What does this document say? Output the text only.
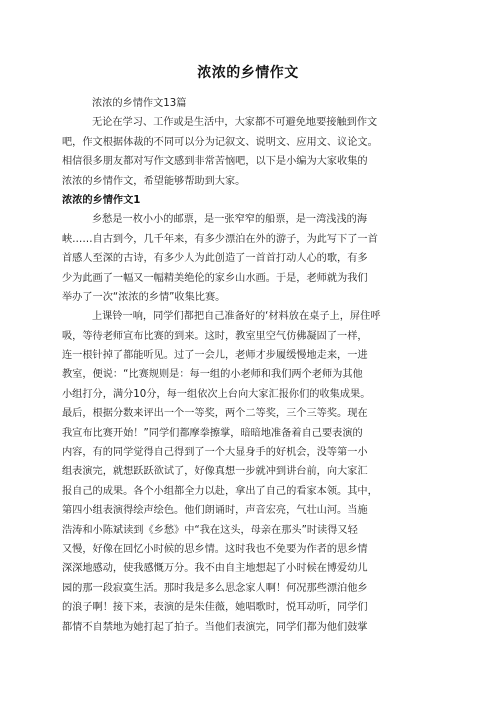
浓浓的乡情作文
浓浓的乡情作文13篇
无论在学习、工作或是生活中，大家都不可避免地要接触到作文
吧，作文根据体裁的不同可以分为记叙文、说明文、应用文、议论文。
相信很多朋友都对写作文感到非常苦恼吧，以下是小编为大家收集的
浓浓的乡情作文，希望能够帮助到大家。
浓浓的乡情作文1
乡愁是一枚小小的邮票，是一张窄窄的船票，是一湾浅浅的海
峡……自古到今，几千年来，有多少漂泊在外的游子，为此写下了一首
首感人至深的古诗，有多少人为此创造了一首首打动人心的歌，有多
少为此画了一幅又一幅精美绝伦的家乡山水画。于是，老师就为我们
举办了一次“浓浓的乡情”收集比赛。
上课铃一响，同学们都把自己准备好的‘材料放在桌子上，屏住呼
吸，等待老师宣布比赛的到来。这时，教室里空气仿佛凝固了一样，
连一根针掉了都能听见。过了一会儿，老师才步履缓慢地走来，一进
教室，便说：“比赛规则是：每一组的小老师和我们两个老师为其他
小组打分，满分10分，每一组依次上台向大家汇报你们的收集成果。
最后，根据分数来评出一个一等奖，两个二等奖，三个三等奖。现在
我宣布比赛开始！”同学们都摩拳擦掌，暗暗地准备着自己要表演的
内容，有的同学觉得自己得到了一个大显身手的好机会，没等第一小
组表演完，就想跃跃欲试了，好像真想一步就冲到讲台前，向大家汇
报自己的成果。各个小组都全力以赴，拿出了自己的看家本领。其中，
第四小组表演得绘声绘色。他们朗诵时，声音宏亮，气壮山河。当施
浩涛和小陈斌读到《乡愁》中“我在这头，母亲在那头”时读得又轻
又慢，好像在回忆小时候的思乡情。这时我也不免要为作者的思乡情
深深地感动，使我感慨万分。我不由自主地想起了小时候在博爱幼儿
园的那一段寂寞生活。那时我是多么思念家人啊！何况那些漂泊他乡
的浪子啊！接下来，表演的是朱佳薇，她唱歌时，悦耳动听，同学们
都情不自禁地为她打起了拍子。当他们表演完，同学们都为他们鼓掌
